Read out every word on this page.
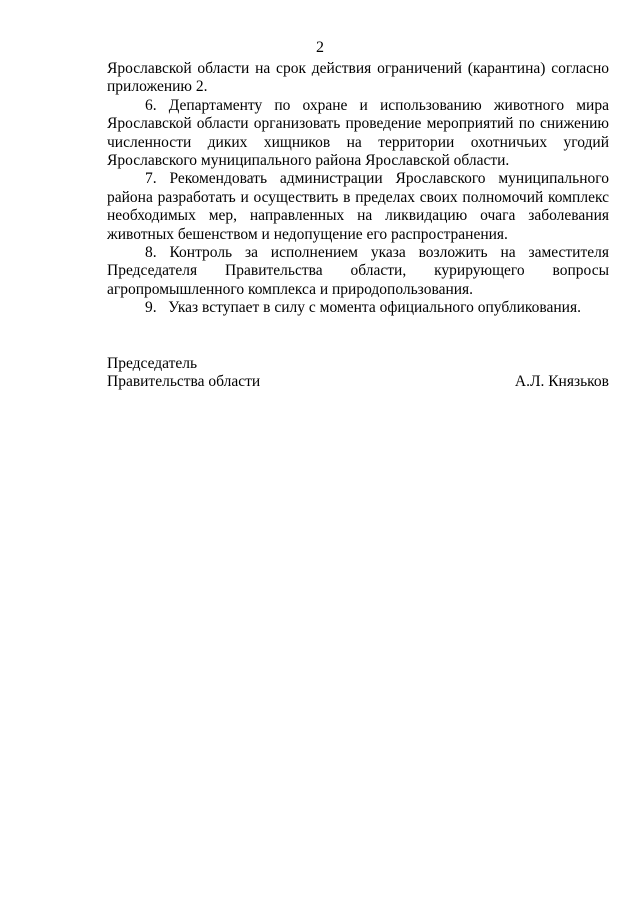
2

Ярославской области на срок действия ограничений (карантина) согласно приложению 2.

6. Департаменту по охране и использованию животного мира Ярославской области организовать проведение мероприятий по снижению численности диких хищников на территории охотничьих угодий Ярославского муниципального района Ярославской области.

7. Рекомендовать администрации Ярославского муниципального района разработать и осуществить в пределах своих полномочий комплекс необходимых мер, направленных на ликвидацию очага заболевания животных бешенством и недопущение его распространения.

8. Контроль за исполнением указа возложить на заместителя Председателя Правительства области, курирующего вопросы агропромышленного комплекса и природопользования.

9.   Указ вступает в силу с момента официального опубликования.

Председатель
Правительства области	А.Л. Князьков
